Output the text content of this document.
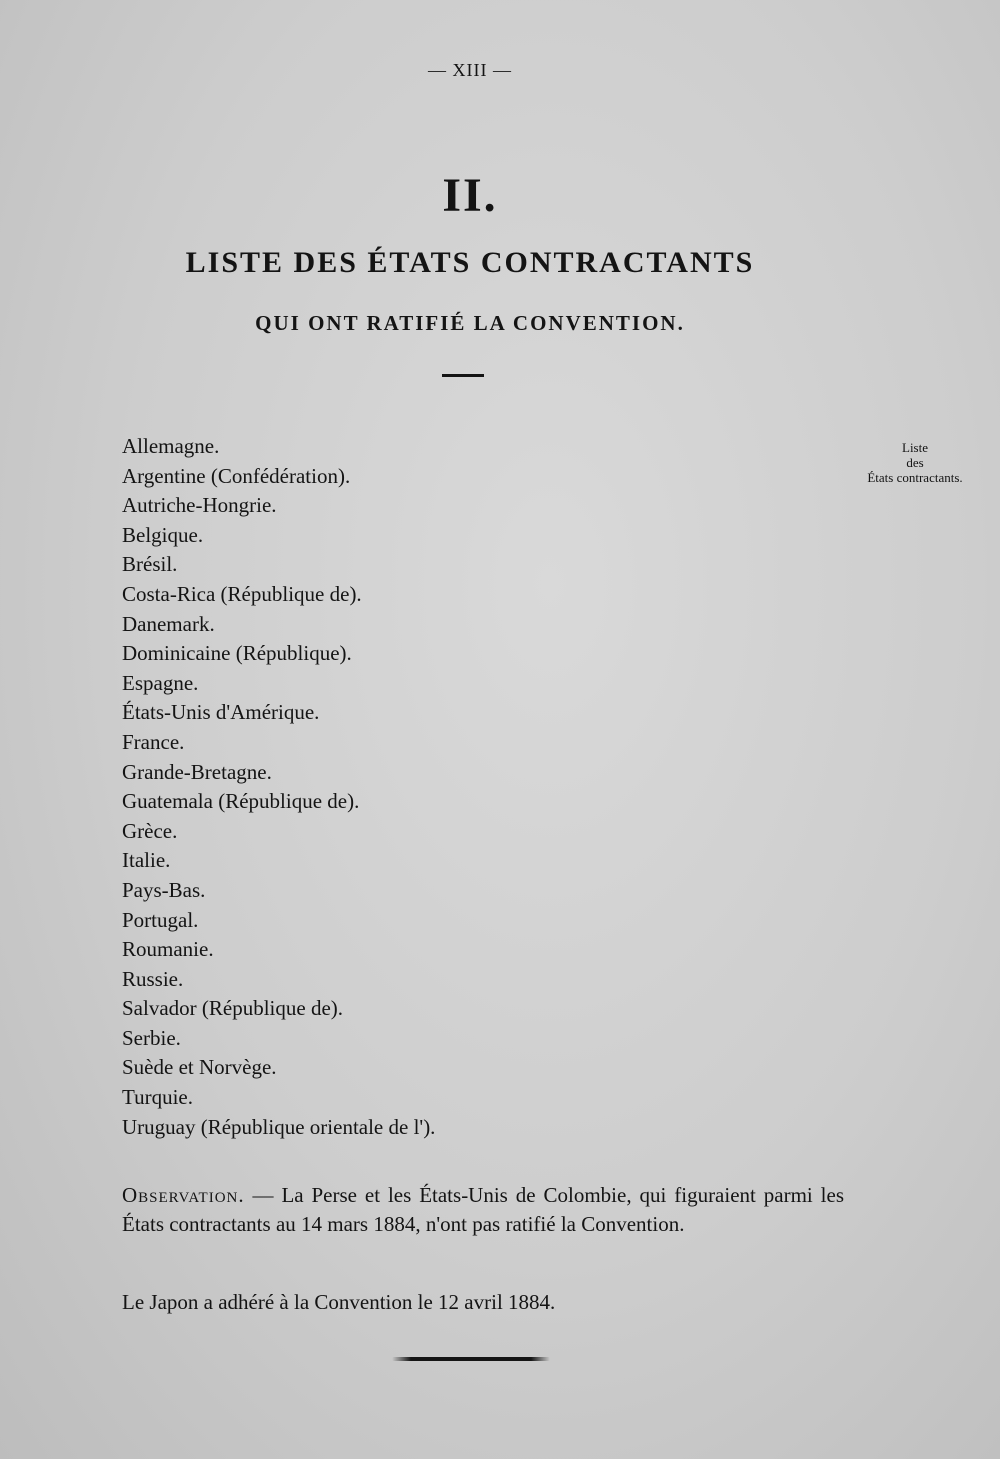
— XIII —
II.
LISTE DES ÉTATS CONTRACTANTS
QUI ONT RATIFIÉ LA CONVENTION.
Allemagne.
Argentine (Confédération).
Autriche-Hongrie.
Belgique.
Brésil.
Costa-Rica (République de).
Danemark.
Dominicaine (République).
Espagne.
États-Unis d'Amérique.
France.
Grande-Bretagne.
Guatemala (République de).
Grèce.
Italie.
Pays-Bas.
Portugal.
Roumanie.
Russie.
Salvador (République de).
Serbie.
Suède et Norvège.
Turquie.
Uruguay (République orientale de l').
Liste
des
États contractants.

Observation. — La Perse et les États-Unis de Colombie, qui figuraient parmi les États contractants au 14 mars 1884, n'ont pas ratifié la Convention.

Le Japon a adhéré à la Convention le 12 avril 1884.
